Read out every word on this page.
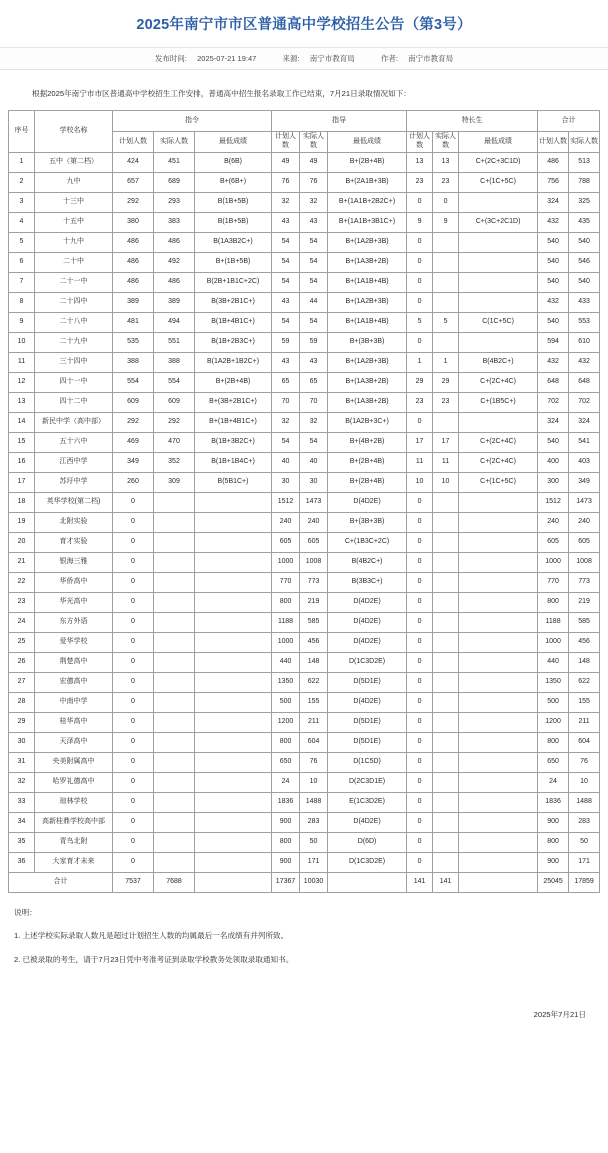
2025年南宁市市区普通高中学校招生公告（第3号）
发布时间: 2025-07-21 19:47	来源: 南宁市教育局	作者: 南宁市教育局
根据2025年南宁市市区普通高中学校招生工作安排，普通高中招生报名录取工作已结束，7月21日录取情况如下：
序号	学校名称	指令			指导			特长生			合计	
		计划人数	实际人数	最低成绩	计划人数	实际人数	最低成绩	计划人数	实际人数	最低成绩	计划人数	实际人数
1	五中（第二档）	424	451	B(6B)	49	49	B+(2B+4B)	13	13	C+(2C+3C1D)	486	513
2	九中	657	689	B+(6B+)	76	76	B+(2A1B+3B)	23	23	C+(1C+5C)	756	788
3	十三中	292	293	B(1B+5B)	32	32	B+(1A1B+2B2C+)	0	0		324	325
4	十五中	380	383	B(1B+5B)	43	43	B+(1A1B+3B1C+)	9	9	C+(3C+2C1D)	432	435
5	十九中	486	486	B(1A3B2C+)	54	54	B+(1A2B+3B)	0			540	540
6	二十中	486	492	B+(1B+5B)	54	54	B+(1A3B+2B)	0			540	546
7	二十一中	486	486	B(2B+1B1C+2C)	54	54	B+(1A1B+4B)	0			540	540
8	二十四中	389	389	B(3B+2B1C+)	43	44	B+(1A2B+3B)	0			432	433
9	二十八中	481	494	B(1B+4B1C+)	54	54	B+(1A1B+4B)	5	5	C(1C+5C)	540	553
10	二十九中	535	551	B(1B+2B3C+)	59	59	B+(3B+3B)	0			594	610
11	三十四中	388	388	B(1A2B+1B2C+)	43	43	B+(1A2B+3B)	1	1	B(4B2C+)	432	432
12	四十一中	554	554	B+(2B+4B)	65	65	B+(1A3B+2B)	29	29	C+(2C+4C)	648	648
13	四十二中	609	609	B+(3B+2B1C+)	70	70	B+(1A3B+2B)	23	23	C+(1B5C+)	702	702
14	新民中学（高中部）	292	292	B+(1B+4B1C+)	32	32	B(1A2B+3C+)	0			324	324
15	五十六中	469	470	B(1B+3B2C+)	54	54	B+(4B+2B)	17	17	C+(2C+4C)	540	541
16	江西中学	349	352	B(1B+1B4C+)	40	40	B+(2B+4B)	11	11	C+(2C+4C)	400	403
17	苏圩中学	260	309	B(5B1C+)	30	30	B+(2B+4B)	10	10	C+(1C+5C)	300	349
18	英华学校(第二档)	0			1512	1473	D(4D2E)	0			1512	1473
19	北附实验	0			240	240	B+(3B+3B)	0			240	240
20	育才实验	0			605	605	C+(1B3C+2C)	0			605	605
21	银海三雅	0			1000	1008	B(4B2C+)	0			1000	1008
22	华侨高中	0			770	773	B(3B3C+)	0			770	773
23	华光高中	0			800	219	D(4D2E)	0			800	219
24	东方外语	0			1188	585	D(4D2E)	0			1188	585
25	爱华学校	0			1000	456	D(4D2E)	0			1000	456
26	荆楚高中	0			440	148	D(1C3D2E)	0			440	148
27	宏德高中	0			1350	622	D(5D1E)	0			1350	622
28	中南中学	0			500	155	D(4D2E)	0			500	155
29	桂华高中	0			1200	211	D(5D1E)	0			1200	211
30	天泽高中	0			800	604	D(5D1E)	0			800	604
31	央美附属高中	0			650	76	D(1C5D)	0			650	76
32	哈罗礼德高中	0			24	10	D(2C3D1E)	0			24	10
33	琼林学校	0			1836	1488	E(1C3D2E)	0			1836	1488
34	高新桂鼎学校高中部	0			900	283	D(4D2E)	0			900	283
35	青鸟北附	0			800	50	D(6D)	0			800	50
36	大家育才未来	0			900	171	D(1C3D2E)	0			900	171
合计		7537	7688		17367	10030		141	141		25045	17859
说明：
1. 上述学校实际录取人数凡是超过计划招生人数的均属最后一名成绩有并列所致。
2. 已被录取的考生，请于7月23日凭中考准考证到录取学校教务处领取录取通知书。
2025年7月21日
